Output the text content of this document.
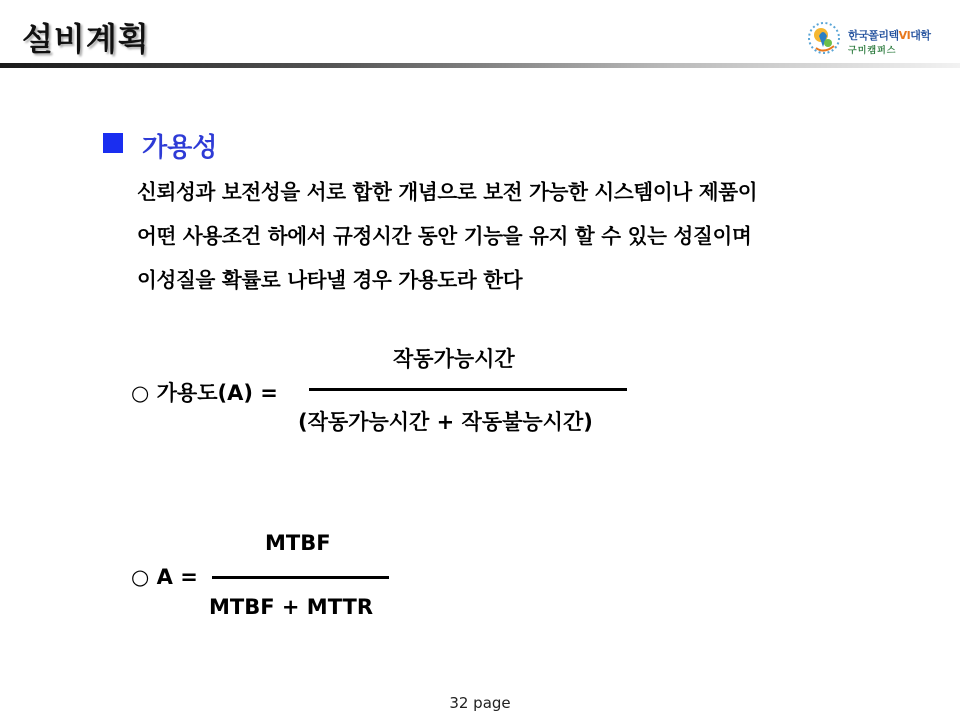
설비계획	한국폴리텍Ⅵ대학
구미캠퍼스
가용성
신뢰성과 보전성을 서로 합한 개념으로 보전 가능한 시스템이나 제품이
어떤 사용조건 하에서 규정시간 동안 기능을 유지 할 수 있는 성질이며
이성질을 확률로 나타낼 경우 가용도라 한다
작동가능시간
○ 가용도(A) =
(작동가능시간 + 작동불능시간)
MTBF
○ A =
MTBF + MTTR
32 page
